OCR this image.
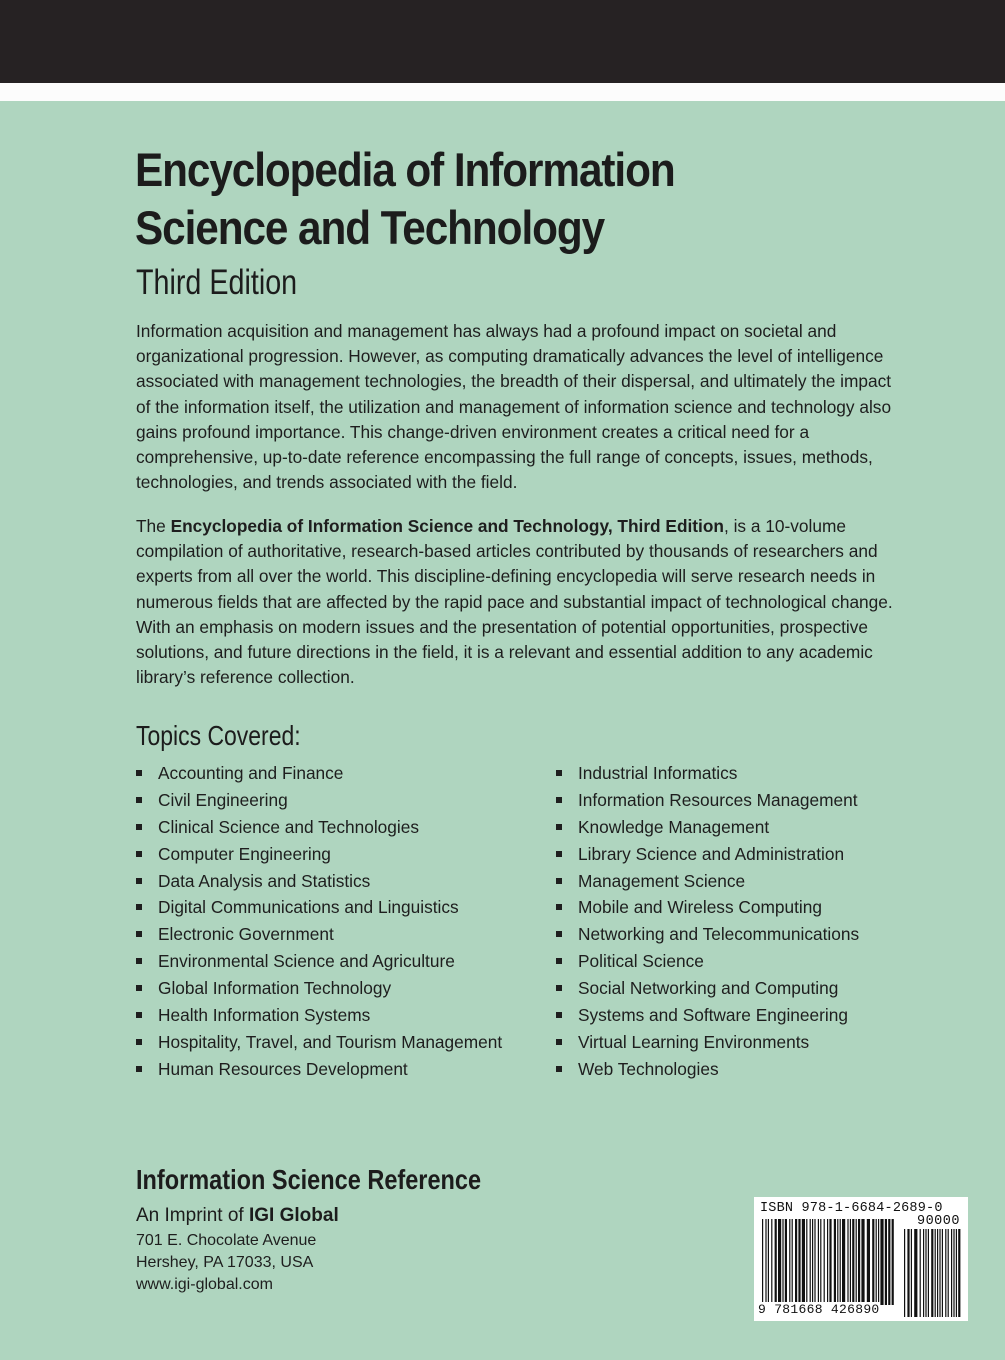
Encyclopedia of Information
Science and Technology
Third Edition

Information acquisition and management has always had a profound impact on societal and organizational progression. However, as computing dramatically advances the level of intelligence associated with management technologies, the breadth of their dispersal, and ultimately the impact of the information itself, the utilization and management of information science and technology also gains profound importance. This change-driven environment creates a critical need for a comprehensive, up-to-date reference encompassing the full range of concepts, issues, methods, technologies, and trends associated with the field.

The Encyclopedia of Information Science and Technology, Third Edition, is a 10-volume compilation of authoritative, research-based articles contributed by thousands of researchers and experts from all over the world. This discipline-defining encyclopedia will serve research needs in numerous fields that are affected by the rapid pace and substantial impact of technological change. With an emphasis on modern issues and the presentation of potential opportunities, prospective solutions, and future directions in the field, it is a relevant and essential addition to any academic library’s reference collection.

Topics Covered:
Accounting and Finance
Civil Engineering
Clinical Science and Technologies
Computer Engineering
Data Analysis and Statistics
Digital Communications and Linguistics
Electronic Government
Environmental Science and Agriculture
Global Information Technology
Health Information Systems
Hospitality, Travel, and Tourism Management
Human Resources Development
Industrial Informatics
Information Resources Management
Knowledge Management
Library Science and Administration
Management Science
Mobile and Wireless Computing
Networking and Telecommunications
Political Science
Social Networking and Computing
Systems and Software Engineering
Virtual Learning Environments
Web Technologies
Information Science Reference
An Imprint of IGI Global
701 E. Chocolate Avenue
Hershey, PA 17033, USA
www.igi-global.com
ISBN 978-1-6684-2689-0
90000
9 781668 426890
